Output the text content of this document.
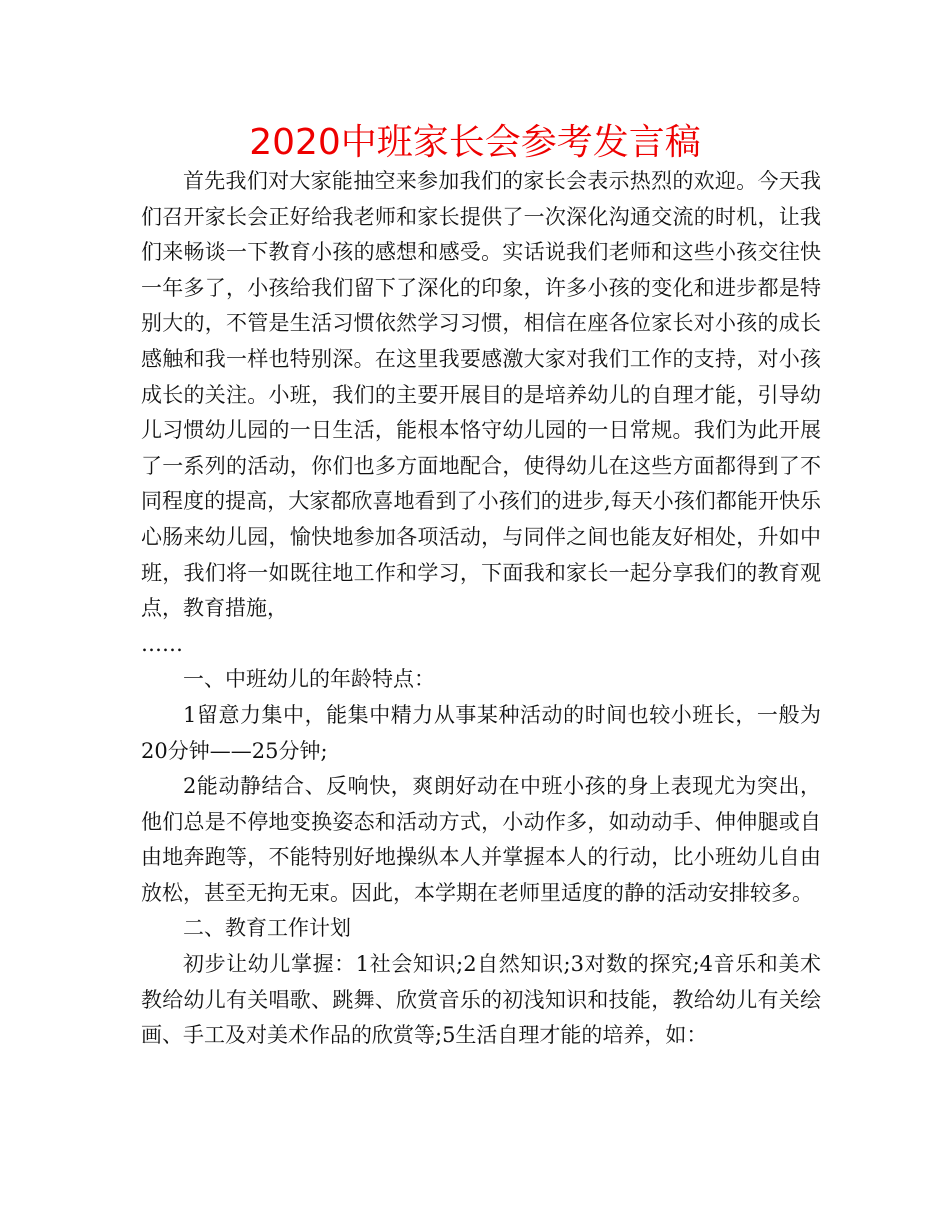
2020中班家长会参考发言稿

首先我们对大家能抽空来参加我们的家长会表示热烈的欢迎。今天我们召开家长会正好给我老师和家长提供了一次深化沟通交流的时机，让我们来畅谈一下教育小孩的感想和感受。实话说我们老师和这些小孩交往快一年多了，小孩给我们留下了深化的印象，许多小孩的变化和进步都是特别大的，不管是生活习惯依然学习习惯，相信在座各位家长对小孩的成长感触和我一样也特别深。在这里我要感激大家对我们工作的支持，对小孩成长的关注。小班，我们的主要开展目的是培养幼儿的自理才能，引导幼儿习惯幼儿园的一日生活，能根本恪守幼儿园的一日常规。我们为此开展了一系列的活动，你们也多方面地配合，使得幼儿在这些方面都得到了不同程度的提高，大家都欣喜地看到了小孩们的进步,每天小孩们都能开快乐心肠来幼儿园，愉快地参加各项活动，与同伴之间也能友好相处，升如中班，我们将一如既往地工作和学习，下面我和家长一起分享我们的教育观点，教育措施，

……

一、中班幼儿的年龄特点：

1留意力集中，能集中精力从事某种活动的时间也较小班长，一般为20分钟——25分钟;

2能动静结合、反响快，爽朗好动在中班小孩的身上表现尤为突出，他们总是不停地变换姿态和活动方式，小动作多，如动动手、伸伸腿或自由地奔跑等，不能特别好地操纵本人并掌握本人的行动，比小班幼儿自由放松，甚至无拘无束。因此，本学期在老师里适度的静的活动安排较多。

二、教育工作计划

初步让幼儿掌握：1社会知识;2自然知识;3对数的探究;4音乐和美术教给幼儿有关唱歌、跳舞、欣赏音乐的初浅知识和技能，教给幼儿有关绘画、手工及对美术作品的欣赏等;5生活自理才能的培养，如：
